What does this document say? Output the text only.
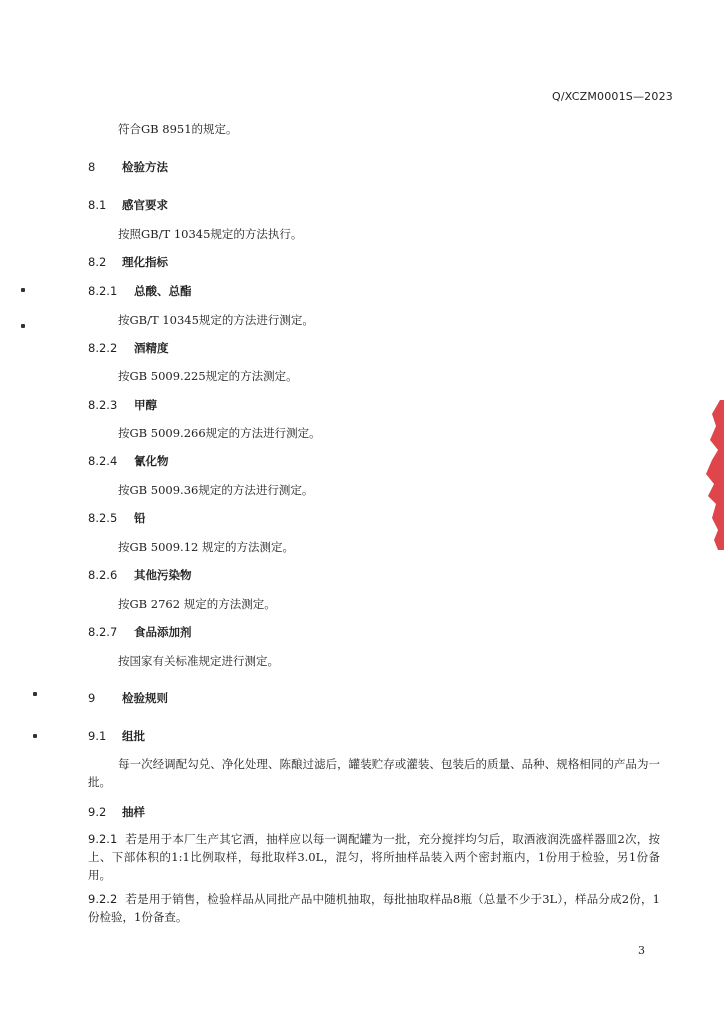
Q/XCZM0001S—2023
符合GB 8951的规定。
8 检验方法
8.1 感官要求
按照GB/T 10345规定的方法执行。
8.2 理化指标
8.2.1 总酸、总酯
按GB/T 10345规定的方法进行测定。
8.2.2 酒精度
按GB 5009.225规定的方法测定。
8.2.3 甲醇
按GB 5009.266规定的方法进行测定。
8.2.4 氰化物
按GB 5009.36规定的方法进行测定。
8.2.5 铅
按GB 5009.12 规定的方法测定。
8.2.6 其他污染物
按GB 2762 规定的方法测定。
8.2.7 食品添加剂
按国家有关标准规定进行测定。
9 检验规则
9.1 组批
每一次经调配勾兑、净化处理、陈酿过滤后，罐装贮存或灌装、包装后的质量、品种、规格相同的产品为一批。
9.2 抽样
9.2.1 若是用于本厂生产其它酒，抽样应以每一调配罐为一批，充分搅拌均匀后，取酒液润洗盛样器皿2次，按上、下部体积的1:1比例取样，每批取样3.0L，混匀，将所抽样品装入两个密封瓶内，1份用于检验，另1份备用。
9.2.2 若是用于销售，检验样品从同批产品中随机抽取，每批抽取样品8瓶（总量不少于3L），样品分成2份，1份检验，1份备查。
3
